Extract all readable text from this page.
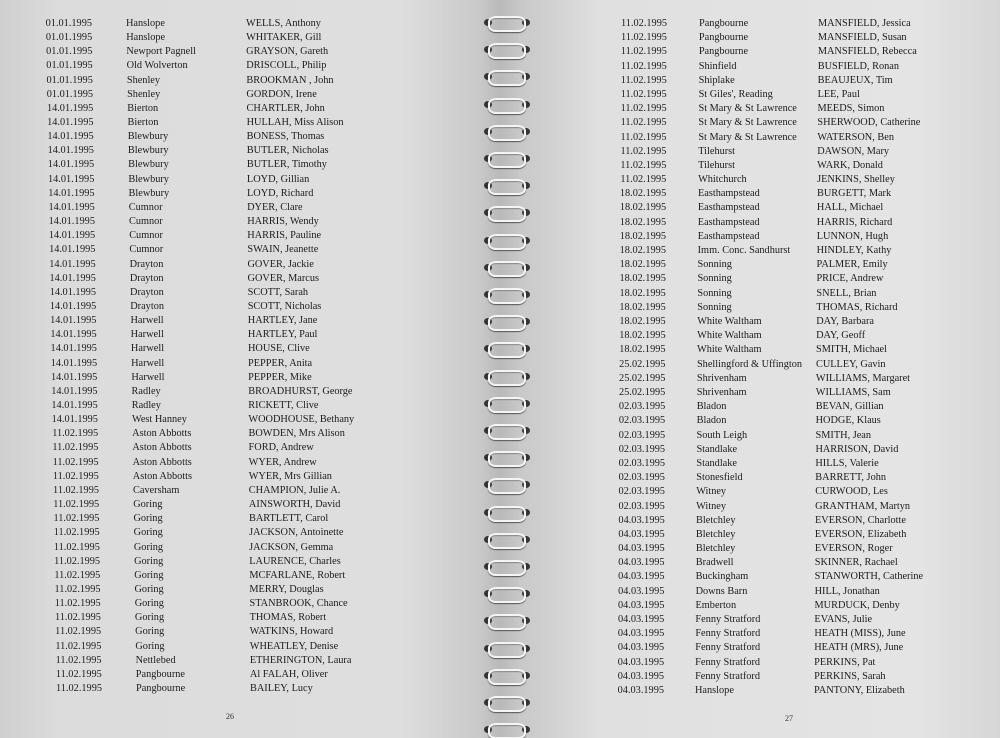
01.01.1995	Hanslope	WELLS, Anthony
01.01.1995	Hanslope	WHITAKER, Gill
01.01.1995	Newport Pagnell	GRAYSON, Gareth
01.01.1995	Old Wolverton	DRISCOLL, Philip
01.01.1995	Shenley	BROOKMAN , John
01.01.1995	Shenley	GORDON, Irene
14.01.1995	Bierton	CHARTLER, John
14.01.1995	Bierton	HULLAH, Miss Alison
14.01.1995	Blewbury	BONESS, Thomas
14.01.1995	Blewbury	BUTLER, Nicholas
14.01.1995	Blewbury	BUTLER, Timothy
14.01.1995	Blewbury	LOYD, Gillian
14.01.1995	Blewbury	LOYD, Richard
14.01.1995	Cumnor	DYER, Clare
14.01.1995	Cumnor	HARRIS, Wendy
14.01.1995	Cumnor	HARRIS, Pauline
14.01.1995	Cumnor	SWAIN, Jeanette
14.01.1995	Drayton	GOVER, Jackie
14.01.1995	Drayton	GOVER, Marcus
14.01.1995	Drayton	SCOTT, Sarah
14.01.1995	Drayton	SCOTT, Nicholas
14.01.1995	Harwell	HARTLEY, Jane
14.01.1995	Harwell	HARTLEY, Paul
14.01.1995	Harwell	HOUSE, Clive
14.01.1995	Harwell	PEPPER, Anita
14.01.1995	Harwell	PEPPER, Mike
14.01.1995	Radley	BROADHURST, George
14.01.1995	Radley	RICKETT, Clive
14.01.1995	West Hanney	WOODHOUSE, Bethany
11.02.1995	Aston Abbotts	BOWDEN, Mrs Alison
11.02.1995	Aston Abbotts	FORD, Andrew
11.02.1995	Aston Abbotts	WYER, Andrew
11.02.1995	Aston Abbotts	WYER, Mrs Gillian
11.02.1995	Caversham	CHAMPION, Julie A.
11.02.1995	Goring	AINSWORTH, David
11.02.1995	Goring	BARTLETT, Carol
11.02.1995	Goring	JACKSON, Antoinette
11.02.1995	Goring	JACKSON, Gemma
11.02.1995	Goring	LAURENCE, Charles
11.02.1995	Goring	MCFARLANE, Robert
11.02.1995	Goring	MERRY, Douglas
11.02.1995	Goring	STANBROOK, Chance
11.02.1995	Goring	THOMAS, Robert
11.02.1995	Goring	WATKINS, Howard
11.02.1995	Goring	WHEATLEY, Denise
11.02.1995	Nettlebed	ETHERINGTON, Laura
11.02.1995	Pangbourne	Al FALAH, Oliver
11.02.1995	Pangbourne	BAILEY, Lucy
26
11.02.1995	Pangbourne	MANSFIELD, Jessica
11.02.1995	Pangbourne	MANSFIELD, Susan
11.02.1995	Pangbourne	MANSFIELD, Rebecca
11.02.1995	Shinfield	BUSFIELD, Ronan
11.02.1995	Shiplake	BEAUJEUX, Tim
11.02.1995	St Giles', Reading	LEE, Paul
11.02.1995	St Mary & St Lawrence MEEDS, Simon
11.02.1995	St Mary & St Lawrence SHERWOOD, Catherine
11.02.1995	St Mary & St Lawrence WATERSON, Ben
11.02.1995	Tilehurst	DAWSON, Mary
11.02.1995	Tilehurst	WARK, Donald
11.02.1995	Whitchurch	JENKINS, Shelley
18.02.1995	Easthampstead	BURGETT, Mark
18.02.1995	Easthampstead	HALL, Michael
18.02.1995	Easthampstead	HARRIS, Richard
18.02.1995	Easthampstead	LUNNON, Hugh
18.02.1995	Imm. Conc. Sandhurst	HINDLEY, Kathy
18.02.1995	Sonning	PALMER, Emily
18.02.1995	Sonning	PRICE, Andrew
18.02.1995	Sonning	SNELL, Brian
18.02.1995	Sonning	THOMAS, Richard
18.02.1995	White Waltham	DAY, Barbara
18.02.1995	White Waltham	DAY, Geoff
18.02.1995	White Waltham	SMITH, Michael
25.02.1995	Shellingford & Uffington CULLEY, Gavin
25.02.1995	Shrivenham	WILLIAMS, Margaret
25.02.1995	Shrivenham	WILLIAMS, Sam
02.03.1995	Bladon	BEVAN, Gillian
02.03.1995	Bladon	HODGE, Klaus
02.03.1995	South Leigh	SMITH, Jean
02.03.1995	Standlake	HARRISON, David
02.03.1995	Standlake	HILLS, Valerie
02.03.1995	Stonesfield	BARRETT, John
02.03.1995	Witney	CURWOOD, Les
02.03.1995	Witney	GRANTHAM, Martyn
04.03.1995	Bletchley	EVERSON, Charlotte
04.03.1995	Bletchley	EVERSON, Elizabeth
04.03.1995	Bletchley	EVERSON, Roger
04.03.1995	Bradwell	SKINNER, Rachael
04.03.1995	Buckingham	STANWORTH, Catherine
04.03.1995	Downs Barn	HILL, Jonathan
04.03.1995	Emberton	MURDUCK, Denby
04.03.1995	Fenny Stratford	EVANS, Julie
04.03.1995	Fenny Stratford	HEATH (MISS), June
04.03.1995	Fenny Stratford	HEATH (MRS), June
04.03.1995	Fenny Stratford	PERKINS, Pat
04.03.1995	Fenny Stratford	PERKINS, Sarah
04.03.1995	Hanslope	PANTONY, Elizabeth
27
